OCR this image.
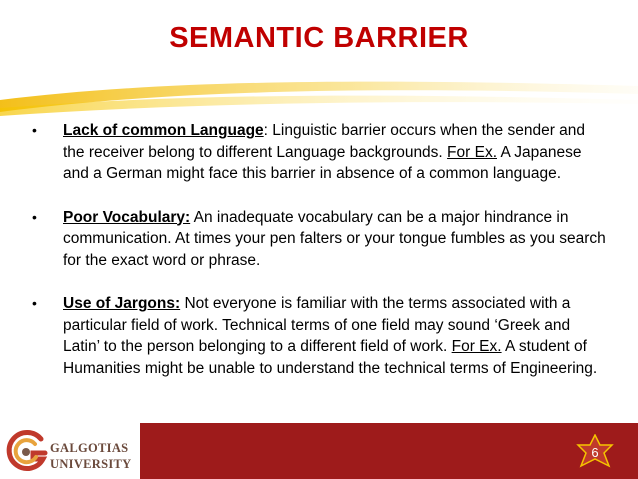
SEMANTIC BARRIER
• Lack of common Language: Linguistic barrier occurs when the sender and the receiver belong to different Language backgrounds. For Ex. A Japanese and a German might face this barrier in absence of a common language.
• Poor Vocabulary: An inadequate vocabulary can be a major hindrance in communication. At times your pen falters or your tongue fumbles as you search for the exact word or phrase.
• Use of Jargons: Not everyone is familiar with the terms associated with a particular field of work. Technical terms of one field may sound ‘Greek and Latin’ to the person belonging to a different field of work. For Ex. A student of Humanities might be unable to understand the technical terms of Engineering.
GALGOTIAS
UNIVERSITY
6
